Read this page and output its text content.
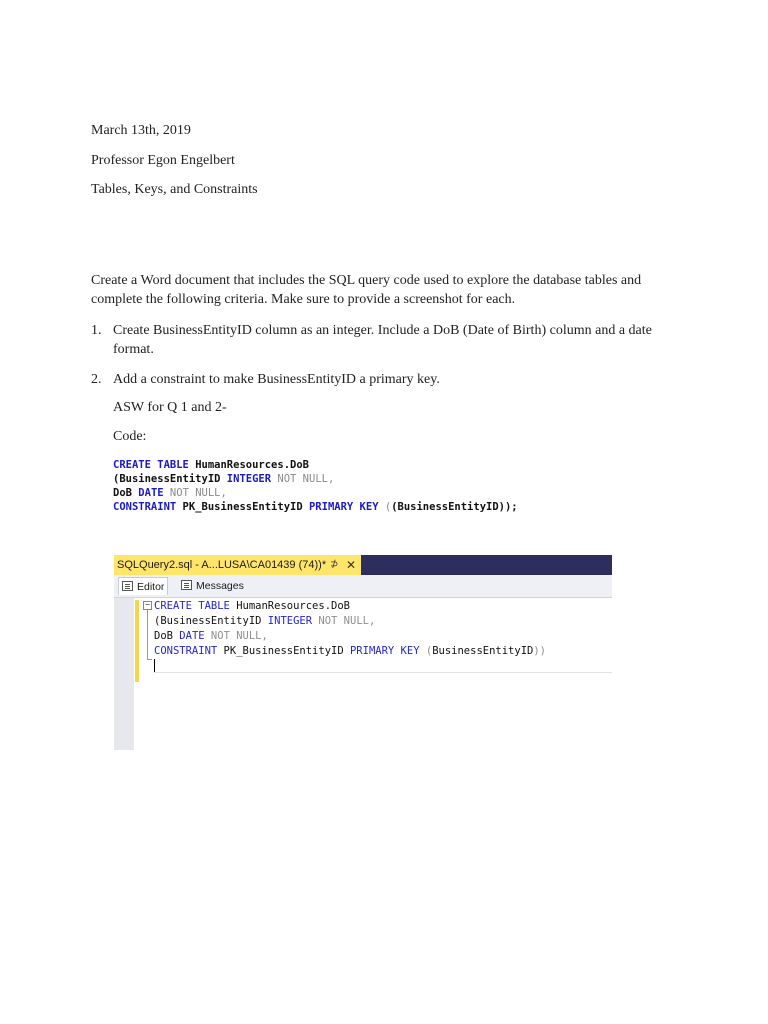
March 13th, 2019
Professor Egon Engelbert
Tables, Keys, and Constraints
Create a Word document that includes the SQL query code used to explore the database tables and complete the following criteria. Make sure to provide a screenshot for each.
1. Create BusinessEntityID column as an integer. Include a DoB (Date of Birth) column and a date format.
2. Add a constraint to make BusinessEntityID a primary key.
ASW for Q 1 and 2-
Code:
CREATE TABLE HumanResources.DoB
(BusinessEntityID INTEGER NOT NULL,
DoB DATE NOT NULL,
CONSTRAINT PK_BusinessEntityID PRIMARY KEY ((BusinessEntityID));
SQLQuery2.sql - A...LUSA\CA01439 (74))* ⊅ ✕
Editor	Messages
− CREATE TABLE HumanResources.DoB
(BusinessEntityID INTEGER NOT NULL,
DoB DATE NOT NULL,
CONSTRAINT PK_BusinessEntityID PRIMARY KEY (BusinessEntityID))
